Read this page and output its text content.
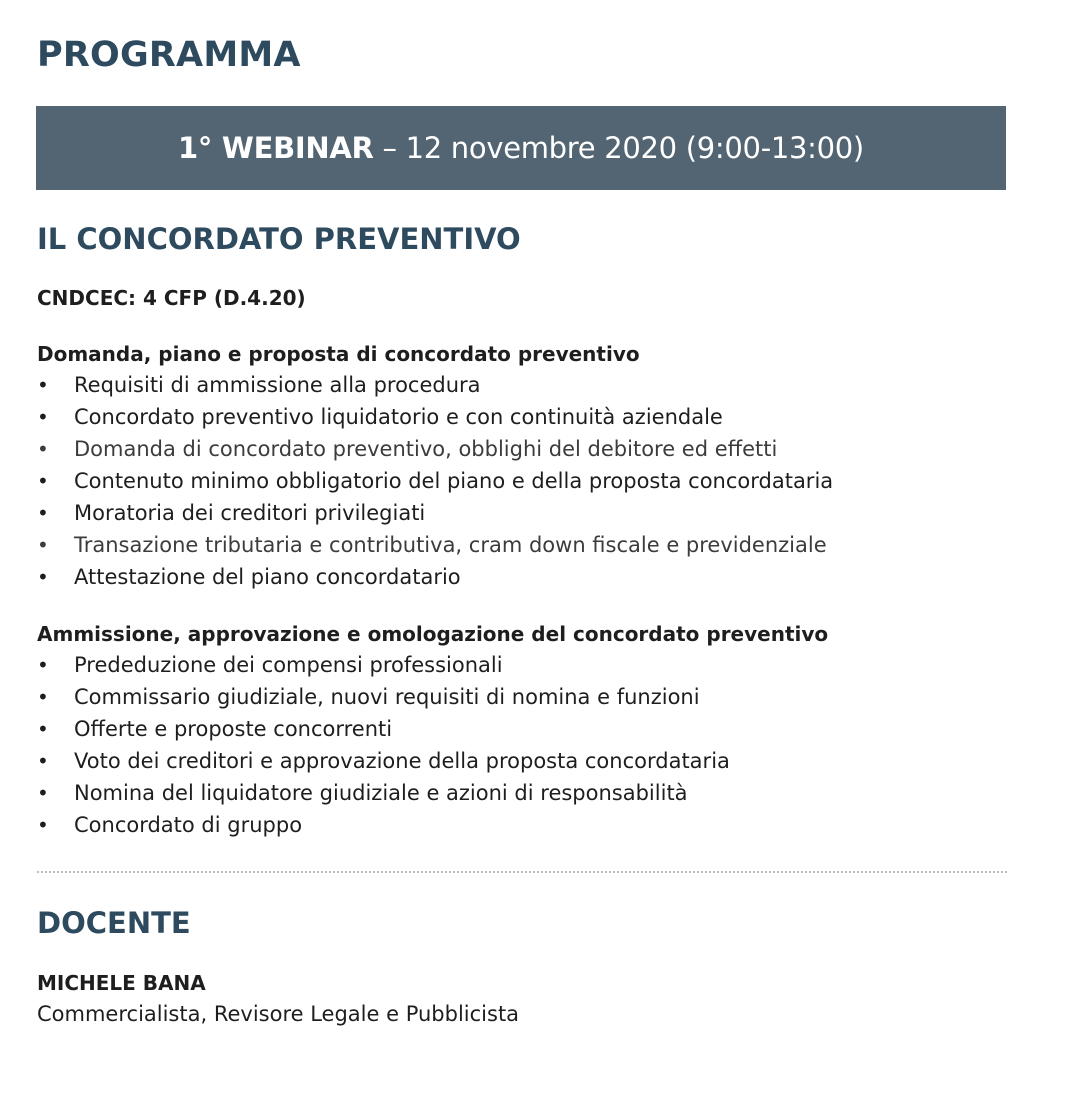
PROGRAMMA
1° WEBINAR – 12 novembre 2020 (9:00-13:00)
IL CONCORDATO PREVENTIVO
CNDCEC: 4 CFP (D.4.20)
Domanda, piano e proposta di concordato preventivo
• Requisiti di ammissione alla procedura
• Concordato preventivo liquidatorio e con continuità aziendale
• Domanda di concordato preventivo, obblighi del debitore ed effetti
• Contenuto minimo obbligatorio del piano e della proposta concordataria
• Moratoria dei creditori privilegiati
• Transazione tributaria e contributiva, cram down fiscale e previdenziale
• Attestazione del piano concordatario
Ammissione, approvazione e omologazione del concordato preventivo
• Prededuzione dei compensi professionali
• Commissario giudiziale, nuovi requisiti di nomina e funzioni
• Offerte e proposte concorrenti
• Voto dei creditori e approvazione della proposta concordataria
• Nomina del liquidatore giudiziale e azioni di responsabilità
• Concordato di gruppo
DOCENTE
MICHELE BANA
Commercialista, Revisore Legale e Pubblicista
